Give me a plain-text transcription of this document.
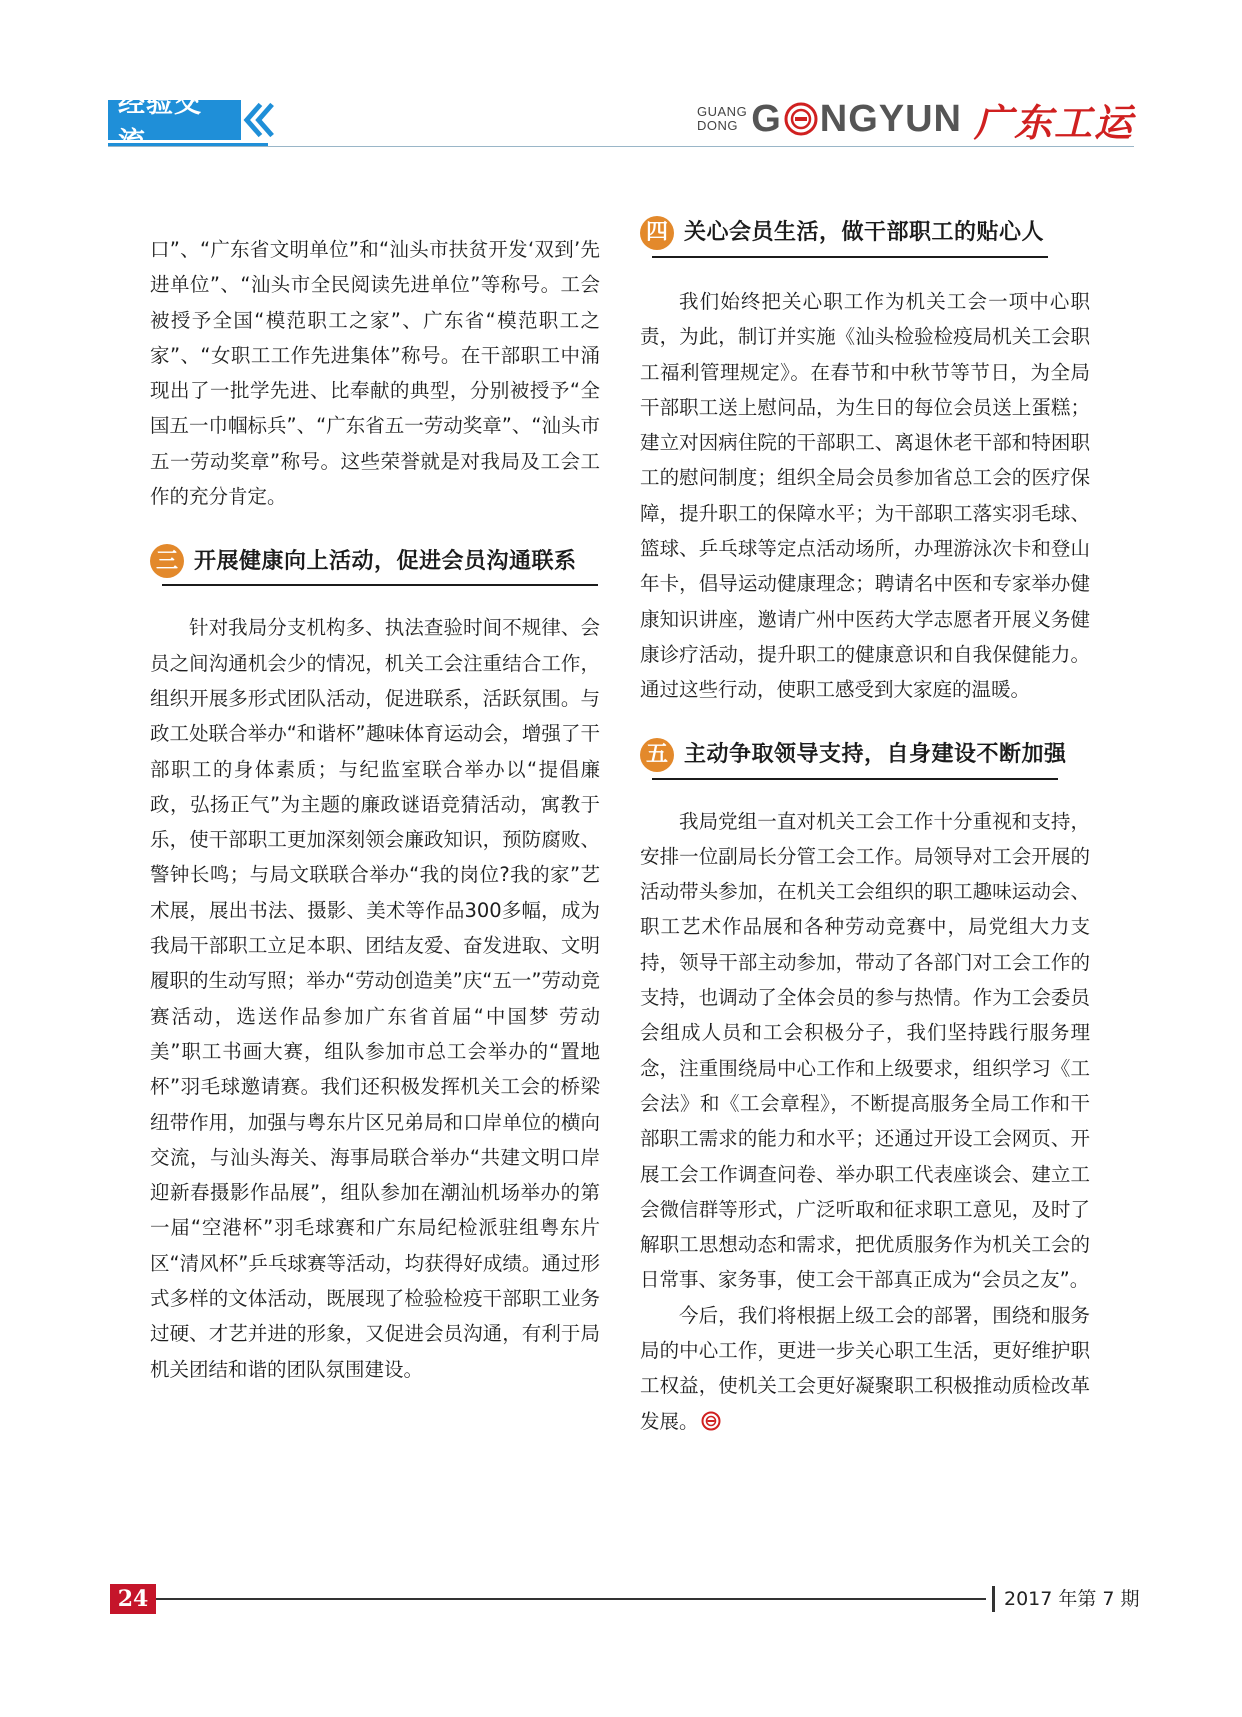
经验交	GUANG
DONG G NGYUN 广东工运

口”、“广东省文明单位”和“汕头市扶贫开发‘双到’先进单位”、“汕头市全民阅读先进单位”等称号。工会被授予全国“模范职工之家”、广东省“模范职工之家”、“女职工工作先进集体”称号。在干部职工中涌现出了一批学先进、比奉献的典型，分别被授予“全国五一巾帼标兵”、“广东省五一劳动奖章”、“汕头市五一劳动奖章”称号。这些荣誉就是对我局及工会工作的充分肯定。

三 开展健康向上活动，促进会员沟通联系

针对我局分支机构多、执法查验时间不规律、会员之间沟通机会少的情况，机关工会注重结合工作，组织开展多形式团队活动，促进联系，活跃氛围。与政工处联合举办“和谐杯”趣味体育运动会，增强了干部职工的身体素质；与纪监室联合举办以“提倡廉政，弘扬正气”为主题的廉政谜语竞猜活动，寓教于乐，使干部职工更加深刻领会廉政知识，预防腐败、警钟长鸣；与局文联联合举办“我的岗位?我的家”艺术展，展出书法、摄影、美术等作品300多幅，成为我局干部职工立足本职、团结友爱、奋发进取、文明履职的生动写照；举办“劳动创造美”庆“五一”劳动竞赛活动，选送作品参加广东省首届“中国梦 劳动美”职工书画大赛，组队参加市总工会举办的“置地杯”羽毛球邀请赛。我们还积极发挥机关工会的桥梁纽带作用，加强与粤东片区兄弟局和口岸单位的横向交流，与汕头海关、海事局联合举办“共建文明口岸迎新春摄影作品展”，组队参加在潮汕机场举办的第一届“空港杯”羽毛球赛和广东局纪检派驻组粤东片区“清风杯”乒乓球赛等活动，均获得好成绩。通过形式多样的文体活动，既展现了检验检疫干部职工业务过硬、才艺并进的形象，又促进会员沟通，有利于局机关团结和谐的团队氛围建设。

四 关心会员生活，做干部职工的贴心人

我们始终把关心职工作为机关工会一项中心职责，为此，制订并实施《汕头检验检疫局机关工会职工福利管理规定》。在春节和中秋节等节日，为全局干部职工送上慰问品，为生日的每位会员送上蛋糕；建立对因病住院的干部职工、离退休老干部和特困职工的慰问制度；组织全局会员参加省总工会的医疗保障，提升职工的保障水平；为干部职工落实羽毛球、篮球、乒乓球等定点活动场所，办理游泳次卡和登山年卡，倡导运动健康理念；聘请名中医和专家举办健康知识讲座，邀请广州中医药大学志愿者开展义务健康诊疗活动，提升职工的健康意识和自我保健能力。通过这些行动，使职工感受到大家庭的温暖。

五 主动争取领导支持，自身建设不断加强

我局党组一直对机关工会工作十分重视和支持，安排一位副局长分管工会工作。局领导对工会开展的活动带头参加，在机关工会组织的职工趣味运动会、职工艺术作品展和各种劳动竞赛中，局党组大力支持，领导干部主动参加，带动了各部门对工会工作的支持，也调动了全体会员的参与热情。作为工会委员会组成人员和工会积极分子，我们坚持践行服务理念，注重围绕局中心工作和上级要求，组织学习《工会法》和《工会章程》，不断提高服务全局工作和干部职工需求的能力和水平；还通过开设工会网页、开展工会工作调查问卷、举办职工代表座谈会、建立工会微信群等形式，广泛听取和征求职工意见，及时了解职工思想动态和需求，把优质服务作为机关工会的日常事、家务事，使工会干部真正成为“会员之友”。

今后，我们将根据上级工会的部署，围绕和服务局的中心工作，更进一步关心职工生活，更好维护职工权益，使机关工会更好凝聚职工积极推动质检改革发展。

24	2017 年第 7 期
